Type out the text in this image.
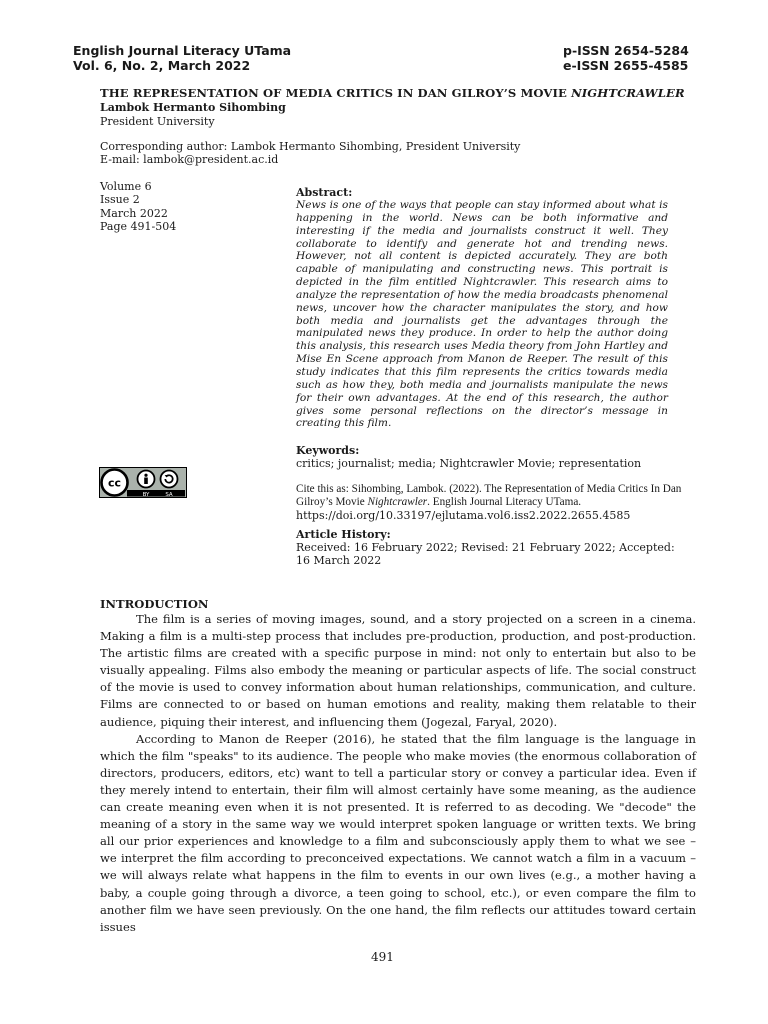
English Journal Literacy UTama
Vol. 6, No. 2, March 2022
p-ISSN 2654-5284
e-ISSN 2655-4585
THE REPRESENTATION OF MEDIA CRITICS IN DAN GILROY’S MOVIE NIGHTCRAWLER
Lambok Hermanto Sihombing
President University
Corresponding author: Lambok Hermanto Sihombing, President University
E-mail: lambok@president.ac.id
Volume 6
Issue 2
March 2022
Page 491-504
Abstract:
News is one of the ways that people can stay informed about what is happening in the world. News can be both informative and interesting if the media and journalists construct it well. They collaborate to identify and generate hot and trending news. However, not all content is depicted accurately. They are both capable of manipulating and constructing news. This portrait is depicted in the film entitled Nightcrawler. This research aims to analyze the representation of how the media broadcasts phenomenal news, uncover how the character manipulates the story, and how both media and journalists get the advantages through the manipulated news they produce. In order to help the author doing this analysis, this research uses Media theory from John Hartley and Mise En Scene approach from Manon de Reeper. The result of this study indicates that this film represents the critics towards media such as how they, both media and journalists manipulate the news for their own advantages. At the end of this research, the author gives some personal reflections on the director’s message in creating this film.
Keywords:
critics; journalist; media; Nightcrawler Movie; representation
cc
BY	SA	Cite this as: Sihombing, Lambok. (2022). The Representation of Media Critics In Dan Gilroy’s Movie Nightcrawler. English Journal Literacy UTama.
https://doi.org/10.33197/ejlutama.vol6.iss2.2022.2655.4585
Article History:
Received: 16 February 2022; Revised: 21 February 2022; Accepted: 16 March 2022
INTRODUCTION

The film is a series of moving images, sound, and a story projected on a screen in a cinema. Making a film is a multi-step process that includes pre-production, production, and post-production. The artistic films are created with a specific purpose in mind: not only to entertain but also to be visually appealing. Films also embody the meaning or particular aspects of life. The social construct of the movie is used to convey information about human relationships, communication, and culture. Films are connected to or based on human emotions and reality, making them relatable to their audience, piquing their interest, and influencing them (Jogezal, Faryal, 2020).

According to Manon de Reeper (2016), he stated that the film language is the language in which the film "speaks" to its audience. The people who make movies (the enormous collaboration of directors, producers, editors, etc) want to tell a particular story or convey a particular idea. Even if they merely intend to entertain, their film will almost certainly have some meaning, as the audience can create meaning even when it is not presented. It is referred to as decoding. We "decode" the meaning of a story in the same way we would interpret spoken language or written texts. We bring all our prior experiences and knowledge to a film and subconsciously apply them to what we see – we interpret the film according to preconceived expectations. We cannot watch a film in a vacuum – we will always relate what happens in the film to events in our own lives (e.g., a mother having a baby, a couple going through a divorce, a teen going to school, etc.), or even compare the film to another film we have seen previously. On the one hand, the film reflects our attitudes toward certain issues

491
